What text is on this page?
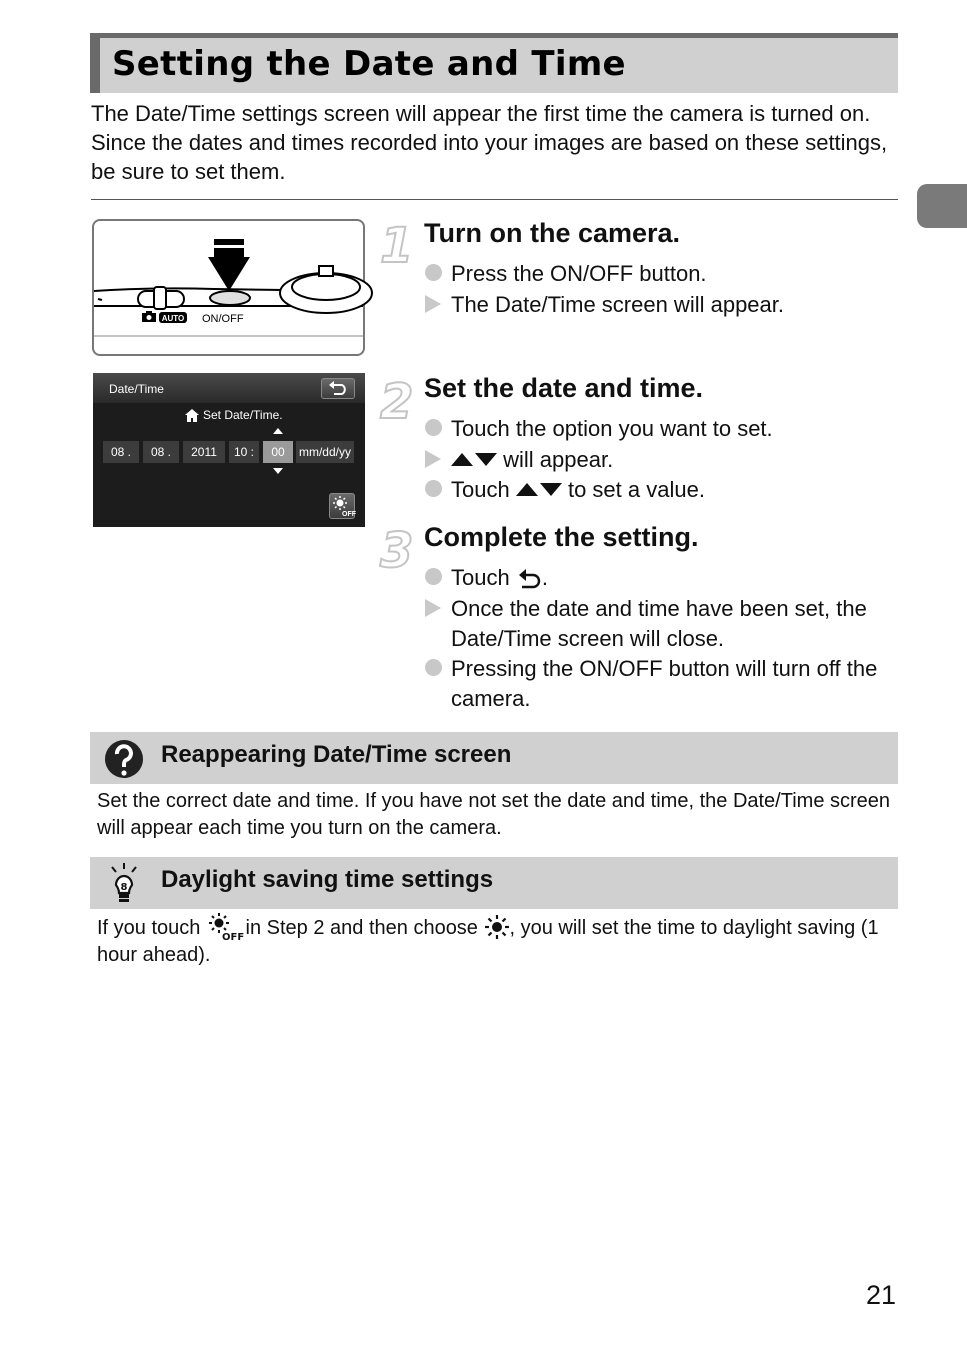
Setting the Date and Time

The Date/Time settings screen will appear the first time the camera is turned on. Since the dates and times recorded into your images are based on these settings, be sure to set them.

AUTO ON/OFF
Date/Time
Set Date/Time.
08 .	08 .	2011	10 :	00	mm/dd/yy
OFF
1 Turn on the camera.
Press the ON/OFF button.
The Date/Time screen will appear.
2 Set the date and time.
Touch the option you want to set.
will appear.
Touch	to set a value.
3 Complete the setting.
Touch .
Once the date and time have been set, the Date/Time screen will close.
Pressing the ON/OFF button will turn off the camera.
Reappearing Date/Time screen
Set the correct date and time. If you have not set the date and time, the Date/Time screen will appear each time you turn on the camera.
8 Daylight saving time settings
If you touch OFF in Step 2 and then choose , you will set the time to daylight saving (1 hour ahead).
21
